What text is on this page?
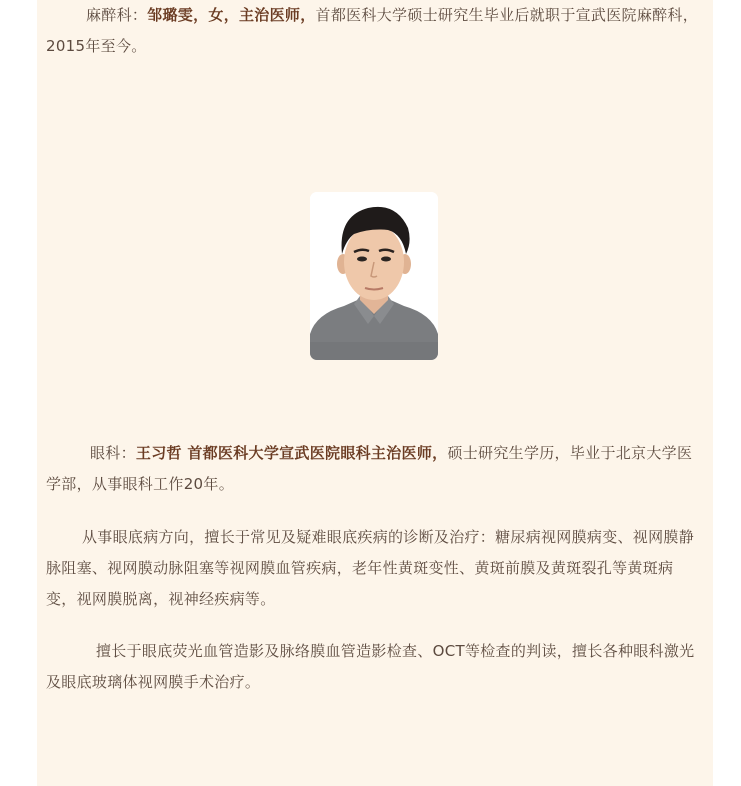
麻醉科：邹璐雯，女，主治医师，首都医科大学硕士研究生毕业后就职于宣武医院麻醉科，2015年至今。

眼科：王习哲 首都医科大学宣武医院眼科主治医师，硕士研究生学历，毕业于北京大学医学部，从事眼科工作20年。

从事眼底病方向，擅长于常见及疑难眼底疾病的诊断及治疗：糖尿病视网膜病变、视网膜静脉阻塞、视网膜动脉阻塞等视网膜血管疾病，老年性黄斑变性、黄斑前膜及黄斑裂孔等黄斑病变，视网膜脱离，视神经疾病等。

擅长于眼底荧光血管造影及脉络膜血管造影检查、OCT等检查的判读，擅长各种眼科激光及眼底玻璃体视网膜手术治疗。
